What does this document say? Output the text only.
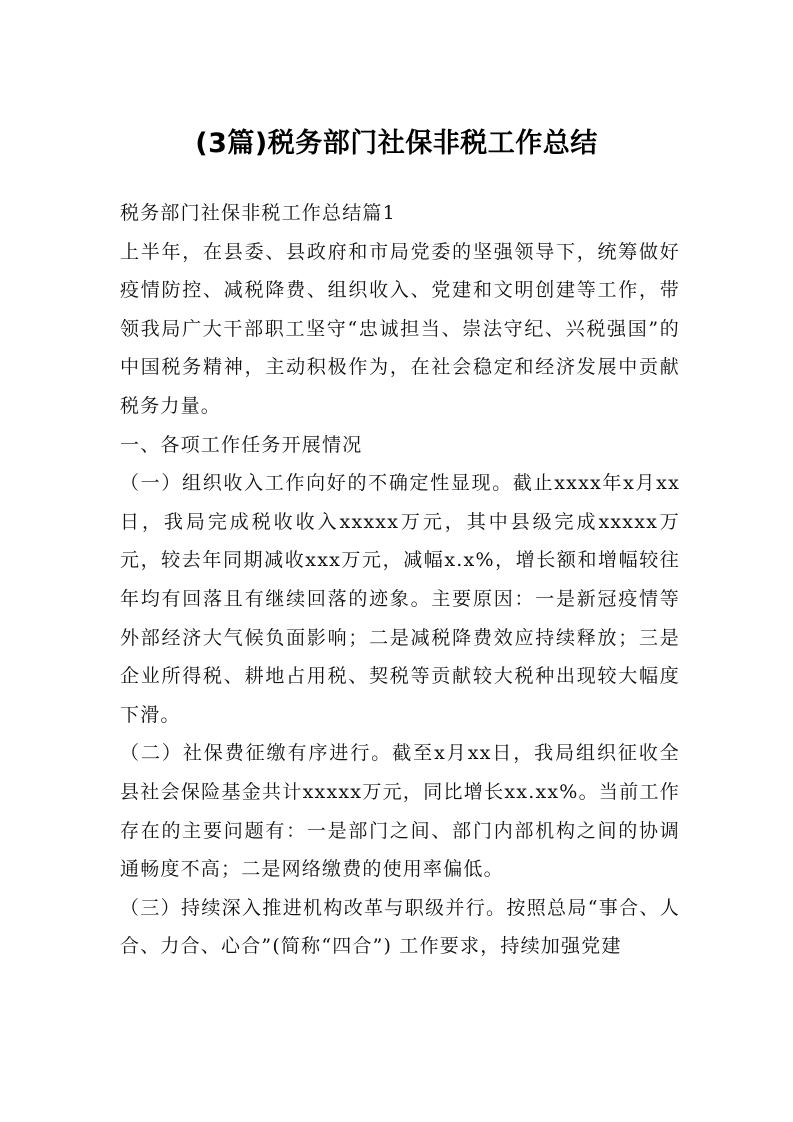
(3篇)税务部门社保非税工作总结

税务部门社保非税工作总结篇1

上半年，在县委、县政府和市局党委的坚强领导下，统筹做好疫情防控、减税降费、组织收入、党建和文明创建等工作，带领我局广大干部职工坚守“忠诚担当、崇法守纪、兴税强国”的中国税务精神，主动积极作为，在社会稳定和经济发展中贡献税务力量。

一、各项工作任务开展情况

（一）组织收入工作向好的不确定性显现。截止xxxx年x月xx日，我局完成税收收入xxxxx万元，其中县级完成xxxxx万元，较去年同期减收xxx万元，减幅x.x%，增长额和增幅较往年均有回落且有继续回落的迹象。主要原因：一是新冠疫情等外部经济大气候负面影响；二是减税降费效应持续释放；三是企业所得税、耕地占用税、契税等贡献较大税种出现较大幅度下滑。

（二）社保费征缴有序进行。截至x月xx日，我局组织征收全县社会保险基金共计xxxxx万元，同比增长xx.xx%。当前工作存在的主要问题有：一是部门之间、部门内部机构之间的协调通畅度不高；二是网络缴费的使用率偏低。

（三）持续深入推进机构改革与职级并行。按照总局“事合、人合、力合、心合”(简称“四合”) 工作要求，持续加强党建
